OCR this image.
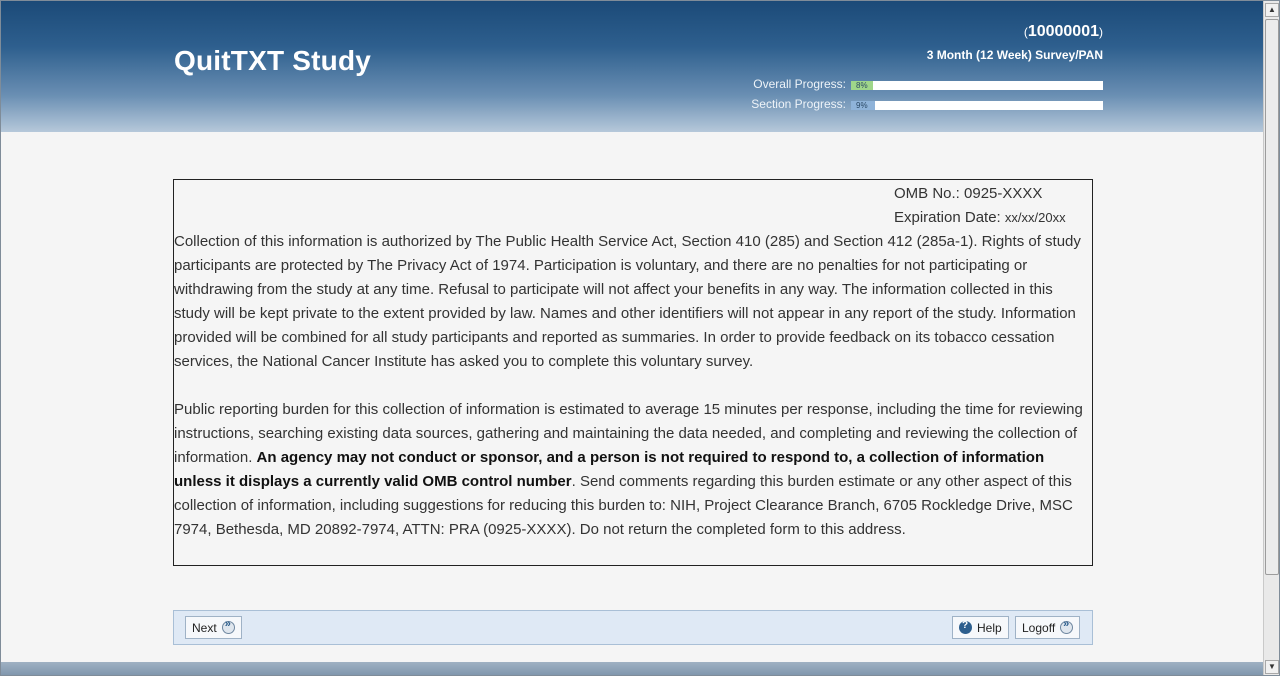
QuitTXT Study
(10000001)
3 Month (12 Week) Survey/PAN
Overall Progress: 8%
Section Progress: 9%
OMB No.: 0925-XXXX
Expiration Date: xx/xx/20xx

Collection of this information is authorized by The Public Health Service Act, Section 410 (285) and Section 412 (285a-1). Rights of study participants are protected by The Privacy Act of 1974. Participation is voluntary, and there are no penalties for not participating or withdrawing from the study at any time. Refusal to participate will not affect your benefits in any way. The information collected in this study will be kept private to the extent provided by law. Names and other identifiers will not appear in any report of the study. Information provided will be combined for all study participants and reported as summaries. In order to provide feedback on its tobacco cessation services, the National Cancer Institute has asked you to complete this voluntary survey.

Public reporting burden for this collection of information is estimated to average 15 minutes per response, including the time for reviewing instructions, searching existing data sources, gathering and maintaining the data needed, and completing and reviewing the collection of information. An agency may not conduct or sponsor, and a person is not required to respond to, a collection of information unless it displays a currently valid OMB control number. Send comments regarding this burden estimate or any other aspect of this collection of information, including suggestions for reducing this burden to: NIH, Project Clearance Branch, 6705 Rockledge Drive, MSC 7974, Bethesda, MD 20892-7974, ATTN: PRA (0925-XXXX). Do not return the completed form to this address.

Next » ?	Help Logoff
»
▲
▼
